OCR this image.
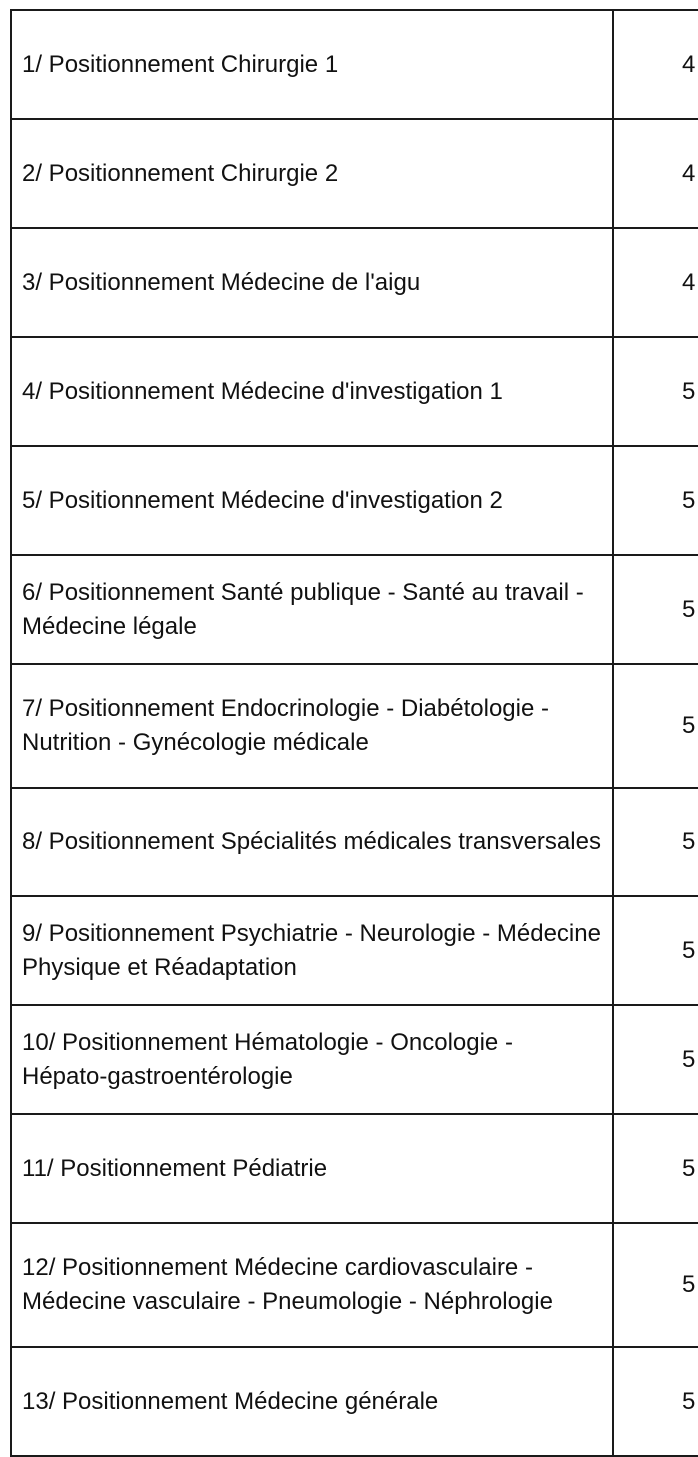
1/ Positionnement Chirurgie 1	4
2/ Positionnement Chirurgie 2	4
3/ Positionnement Médecine de l'aigu	4
4/ Positionnement Médecine d'investigation 1	5
5/ Positionnement Médecine d'investigation 2	5
6/ Positionnement Santé publique - Santé au travail - Médecine légale	5
7/ Positionnement Endocrinologie - Diabétologie - Nutrition - Gynécologie médicale	5
8/ Positionnement Spécialités médicales transversales	5
9/ Positionnement Psychiatrie - Neurologie - Médecine Physique et Réadaptation	5
10/ Positionnement Hématologie - Oncologie - Hépato-gastroentérologie	5
11/ Positionnement Pédiatrie	5
12/ Positionnement Médecine cardiovasculaire - Médecine vasculaire - Pneumologie - Néphrologie	5
13/ Positionnement Médecine générale	5
